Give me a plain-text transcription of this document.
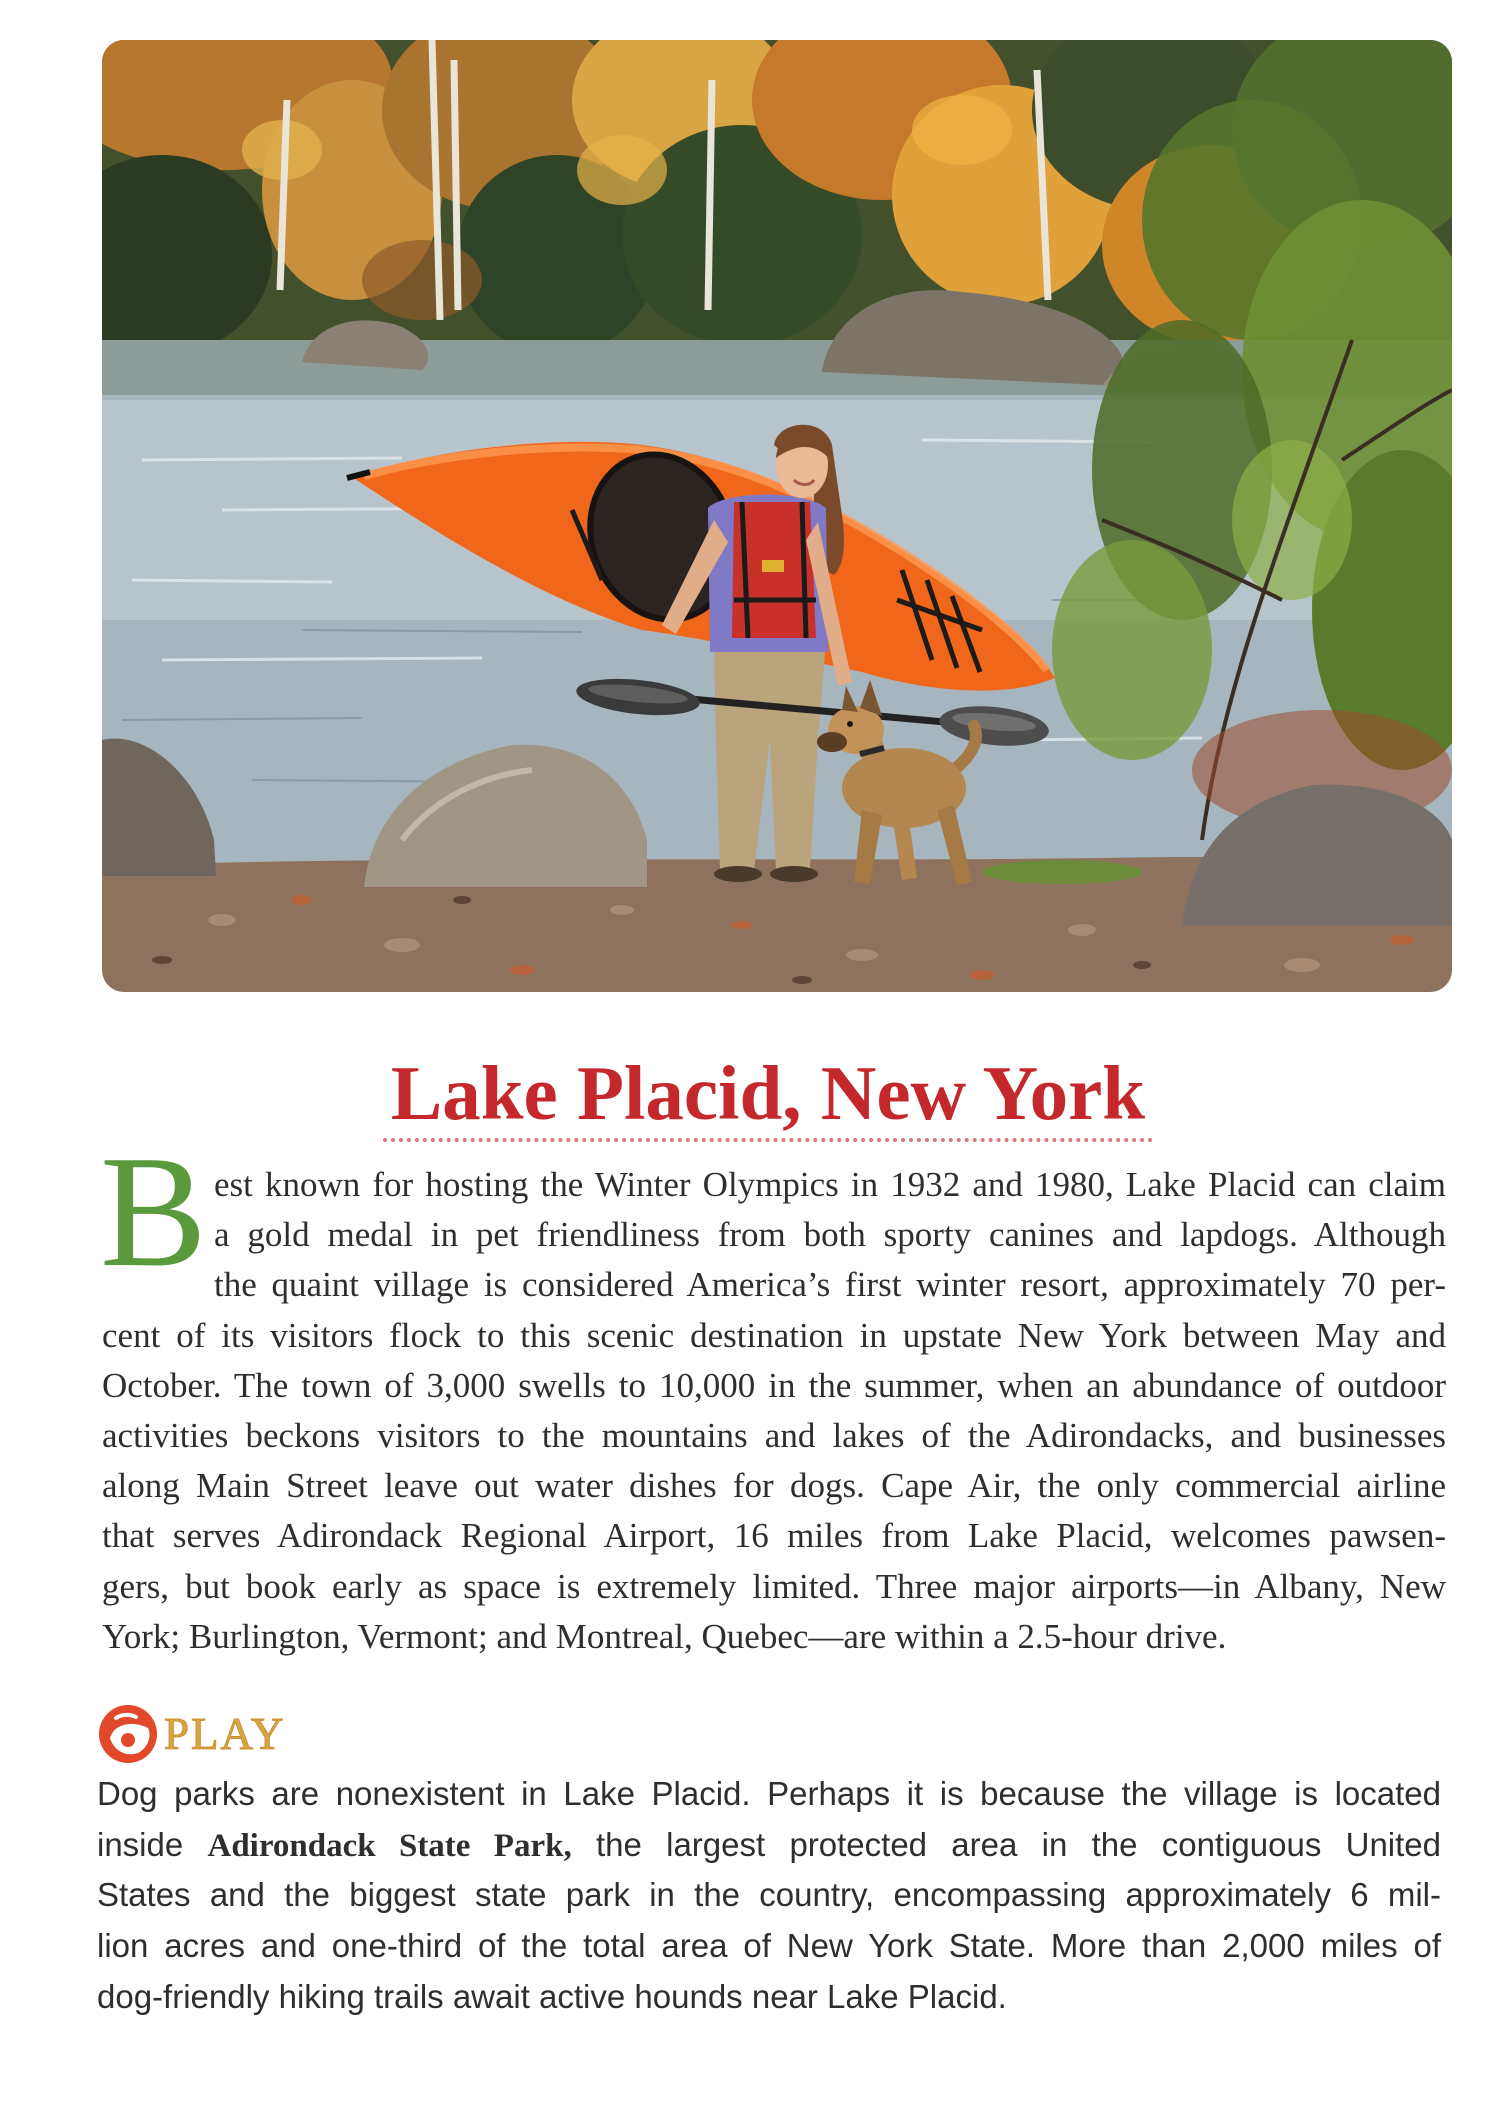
Lake Placid, New York
B est known for hosting the Winter Olympics in 1932 and 1980, Lake Placid can claim
a gold medal in pet friendliness from both sporty canines and lapdogs. Although
the quaint village is considered America’s first winter resort, approximately 70 per-
cent of its visitors flock to this scenic destination in upstate New York between May and
October. The town of 3,000 swells to 10,000 in the summer, when an abundance of outdoor
activities beckons visitors to the mountains and lakes of the Adirondacks, and businesses
along Main Street leave out water dishes for dogs. Cape Air, the only commercial airline
that serves Adirondack Regional Airport, 16 miles from Lake Placid, welcomes pawsen-
gers, but book early as space is extremely limited. Three major airports—in Albany, New
York; Burlington, Vermont; and Montreal, Quebec—are within a 2.5-hour drive.
PLAY
Dog parks are nonexistent in Lake Placid. Perhaps it is because the village is located
inside Adirondack State Park, the largest protected area in the contiguous United
States and the biggest state park in the country, encompassing approximately 6 mil-
lion acres and one-third of the total area of New York State. More than 2,000 miles of
dog-friendly hiking trails await active hounds near Lake Placid.
